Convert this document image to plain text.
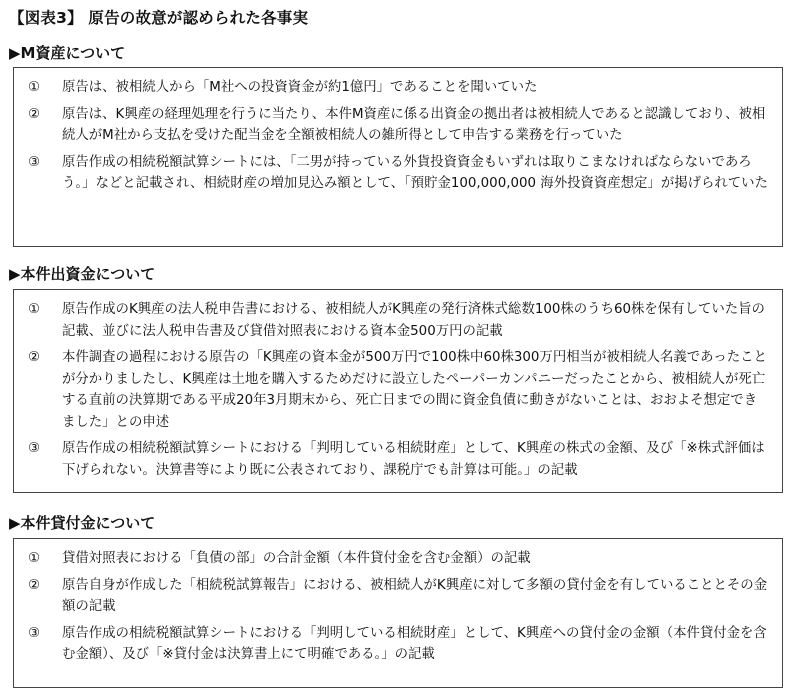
【図表3】 原告の故意が認められた各事実
▶M資産について
①	原告は、被相続人から「M社への投資資金が約1億円」であることを聞いていた
②	原告は、K興産の経理処理を行うに当たり、本件M資産に係る出資金の拠出者は被相続人であると認識しており、被相続人がM社から支払を受けた配当金を全額被相続人の雑所得として申告する業務を行っていた
③	原告作成の相続税額試算シートには、「二男が持っている外貨投資資金もいずれは取りこまなければならないであろう。」などと記載され、相続財産の増加見込み額として、「預貯金100,000,000 海外投資資産想定」が掲げられていた
▶本件出資金について
①	原告作成のK興産の法人税申告書における、被相続人がK興産の発行済株式総数100株のうち60株を保有していた旨の記載、並びに法人税申告書及び貸借対照表における資本金500万円の記載
②	本件調査の過程における原告の「K興産の資本金が500万円で100株中60株300万円相当が被相続人名義であったことが分かりましたし、K興産は土地を購入するためだけに設立したペーパーカンパニーだったことから、被相続人が死亡する直前の決算期である平成20年3月期末から、死亡日までの間に資金負債に動きがないことは、おおよそ想定できました」との申述
③	原告作成の相続税額試算シートにおける「判明している相続財産」として、K興産の株式の金額、及び「※株式評価は下げられない。決算書等により既に公表されており、課税庁でも計算は可能。」の記載
▶本件貸付金について
①	貸借対照表における「負債の部」の合計金額（本件貸付金を含む金額）の記載
②	原告自身が作成した「相続税試算報告」における、被相続人がK興産に対して多額の貸付金を有していることとその金額の記載
③	原告作成の相続税額試算シートにおける「判明している相続財産」として、K興産への貸付金の金額（本件貸付金を含む金額）、及び「※貸付金は決算書上にて明確である。」の記載
